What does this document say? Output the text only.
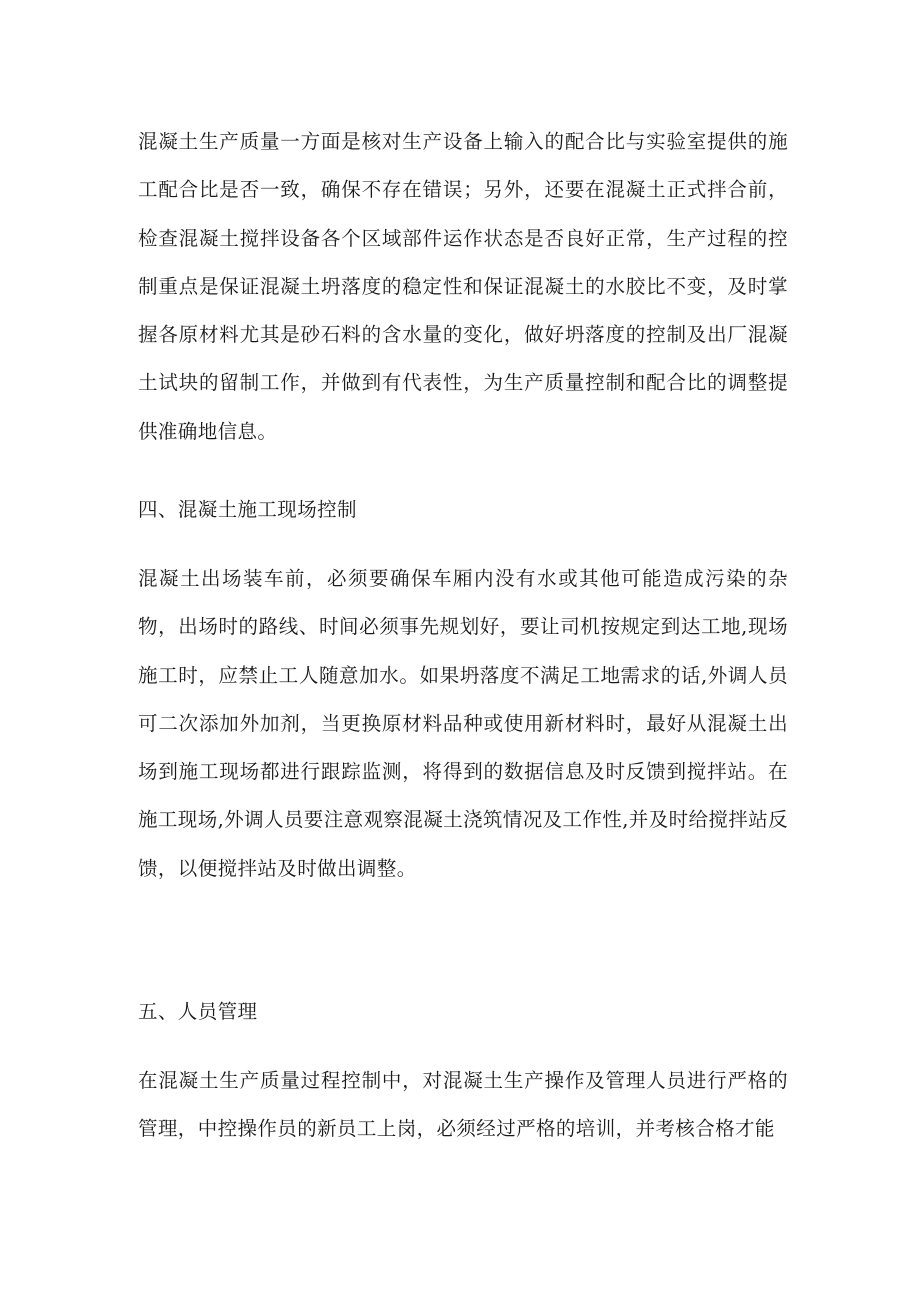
混凝土生产质量一方面是核对生产设备上输入的配合比与实验室提供的施工配合比是否一致，确保不存在错误；另外，还要在混凝土正式拌合前，检查混凝土搅拌设备各个区域部件运作状态是否良好正常，生产过程的控制重点是保证混凝土坍落度的稳定性和保证混凝土的水胶比不变，及时掌握各原材料尤其是砂石料的含水量的变化，做好坍落度的控制及出厂混凝土试块的留制工作，并做到有代表性，为生产质量控制和配合比的调整提供准确地信息。

四、混凝土施工现场控制

混凝土出场装车前，必须要确保车厢内没有水或其他可能造成污染的杂物，出场时的路线、时间必须事先规划好，要让司机按规定到达工地,现场施工时，应禁止工人随意加水。如果坍落度不满足工地需求的话,外调人员可二次添加外加剂，当更换原材料品种或使用新材料时，最好从混凝土出场到施工现场都进行跟踪监测，将得到的数据信息及时反馈到搅拌站。在施工现场,外调人员要注意观察混凝土浇筑情况及工作性,并及时给搅拌站反馈，以便搅拌站及时做出调整。

五、人员管理

在混凝土生产质量过程控制中，对混凝土生产操作及管理人员进行严格的管理，中控操作员的新员工上岗，必须经过严格的培训，并考核合格才能
